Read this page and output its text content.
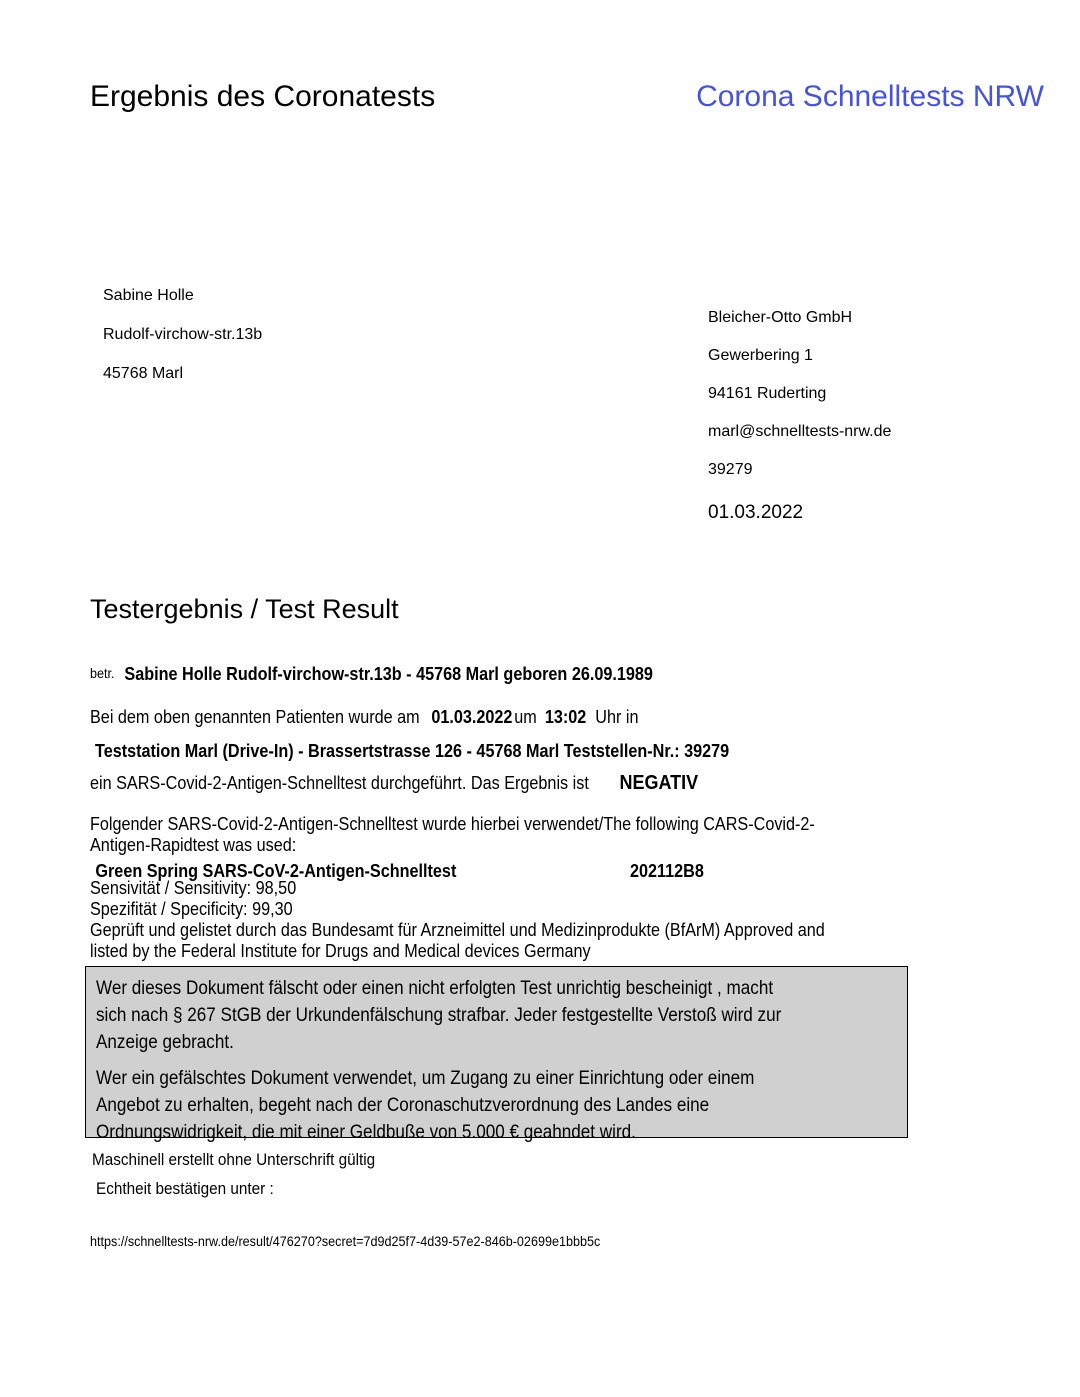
Ergebnis des Coronatests	Corona Schnelltests NRW
Sabine Holle
Rudolf-virchow-str.13b
45768 Marl
Bleicher-Otto GmbH
Gewerbering 1
94161 Ruderting
marl@schnelltests-nrw.de
39279
01.03.2022
Testergebnis / Test Result
betr. Sabine Holle Rudolf-virchow-str.13b - 45768 Marl geboren 26.09.1989
Bei dem oben genannten Patienten wurde am 01.03.2022um 13:02 Uhr in
Teststation Marl (Drive-In) - Brassertstrasse 126 - 45768 Marl Teststellen-Nr.: 39279
ein SARS-Covid-2-Antigen-Schnelltest durchgeführt. Das Ergebnis ist NEGATIV
Folgender SARS-Covid-2-Antigen-Schnelltest wurde hierbei verwendet/The following CARS-Covid-2-
Antigen-Rapidtest was used:
Green Spring SARS-CoV-2-Antigen-Schnelltest	202112B8
Sensivität / Sensitivity: 98,50
Spezifität / Specificity: 99,30
Geprüft und gelistet durch das Bundesamt für Arzneimittel und Medizinprodukte (BfArM) Approved and
listed by the Federal Institute for Drugs and Medical devices Germany
Wer dieses Dokument fälscht oder einen nicht erfolgten Test unrichtig bescheinigt , macht
sich nach § 267 StGB der Urkundenfälschung strafbar. Jeder festgestellte Verstoß wird zur
Anzeige gebracht.
Wer ein gefälschtes Dokument verwendet, um Zugang zu einer Einrichtung oder einem
Angebot zu erhalten, begeht nach der Coronaschutzverordnung des Landes eine
Ordnungswidrigkeit, die mit einer Geldbuße von 5.000 € geahndet wird.
Maschinell erstellt ohne Unterschrift gültig
Echtheit bestätigen unter :
https://schnelltests-nrw.de/result/476270?secret=7d9d25f7-4d39-57e2-846b-02699e1bbb5c
